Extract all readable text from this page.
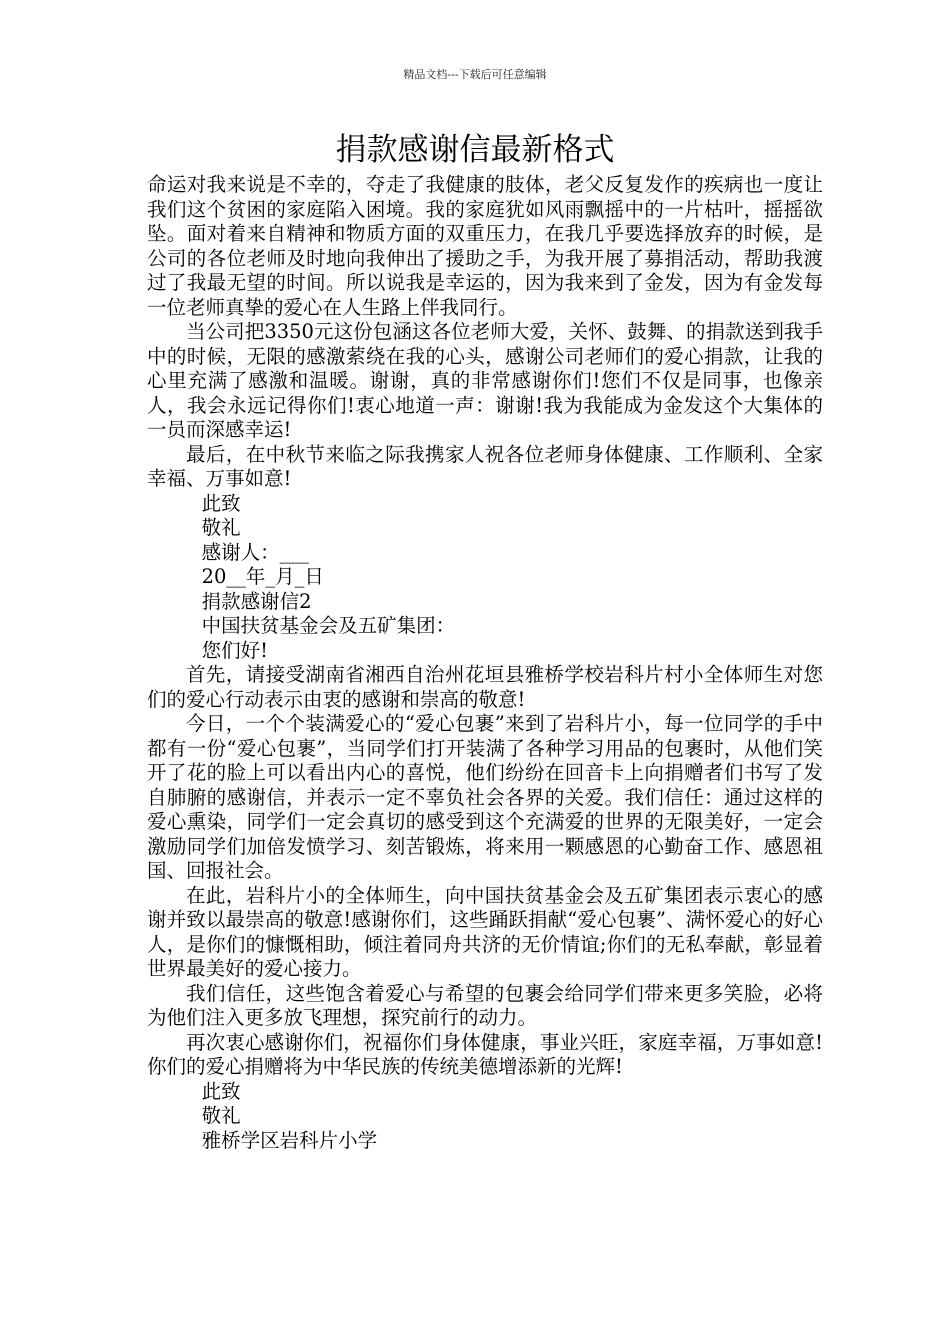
精品文档---下载后可任意编辑
捐款感谢信最新格式

命运对我来说是不幸的，夺走了我健康的肢体，老父反复发作的疾病也一度让我们这个贫困的家庭陷入困境。我的家庭犹如风雨飘摇中的一片枯叶，摇摇欲坠。面对着来自精神和物质方面的双重压力，在我几乎要选择放弃的时候，是公司的各位老师及时地向我伸出了援助之手，为我开展了募捐活动，帮助我渡过了我最无望的时间。所以说我是幸运的，因为我来到了金发，因为有金发每一位老师真挚的爱心在人生路上伴我同行。

当公司把3350元这份包涵这各位老师大爱，关怀、鼓舞、的捐款送到我手中的时候，无限的感激萦绕在我的心头，感谢公司老师们的爱心捐款，让我的心里充满了感激和温暖。谢谢，真的非常感谢你们!您们不仅是同事，也像亲人，我会永远记得你们!衷心地道一声：谢谢!我为我能成为金发这个大集体的一员而深感幸运!

最后，在中秋节来临之际我携家人祝各位老师身体健康、工作顺利、全家幸福、万事如意!

此致

敬礼

感谢人：___

20__年_月_日

捐款感谢信2

中国扶贫基金会及五矿集团：

您们好!

首先，请接受湖南省湘西自治州花垣县雅桥学校岩科片村小全体师生对您们的爱心行动表示由衷的感谢和崇高的敬意!

今日，一个个装满爱心的“爱心包裹”来到了岩科片小，每一位同学的手中都有一份“爱心包裹”，当同学们打开装满了各种学习用品的包裹时，从他们笑开了花的脸上可以看出内心的喜悦，他们纷纷在回音卡上向捐赠者们书写了发自肺腑的感谢信，并表示一定不辜负社会各界的关爱。我们信任：通过这样的爱心熏染，同学们一定会真切的感受到这个充满爱的世界的无限美好，一定会激励同学们加倍发愤学习、刻苦锻炼，将来用一颗感恩的心勤奋工作、感恩祖国、回报社会。

在此，岩科片小的全体师生，向中国扶贫基金会及五矿集团表示衷心的感谢并致以最崇高的敬意!感谢你们，这些踊跃捐献“爱心包裹”、满怀爱心的好心人，是你们的慷慨相助，倾注着同舟共济的无价情谊;你们的无私奉献，彰显着世界最美好的爱心接力。

我们信任，这些饱含着爱心与希望的包裹会给同学们带来更多笑脸，必将为他们注入更多放飞理想，探究前行的动力。

再次衷心感谢你们，祝福你们身体健康，事业兴旺，家庭幸福，万事如意!你们的爱心捐赠将为中华民族的传统美德增添新的光辉!

此致

敬礼

雅桥学区岩科片小学
